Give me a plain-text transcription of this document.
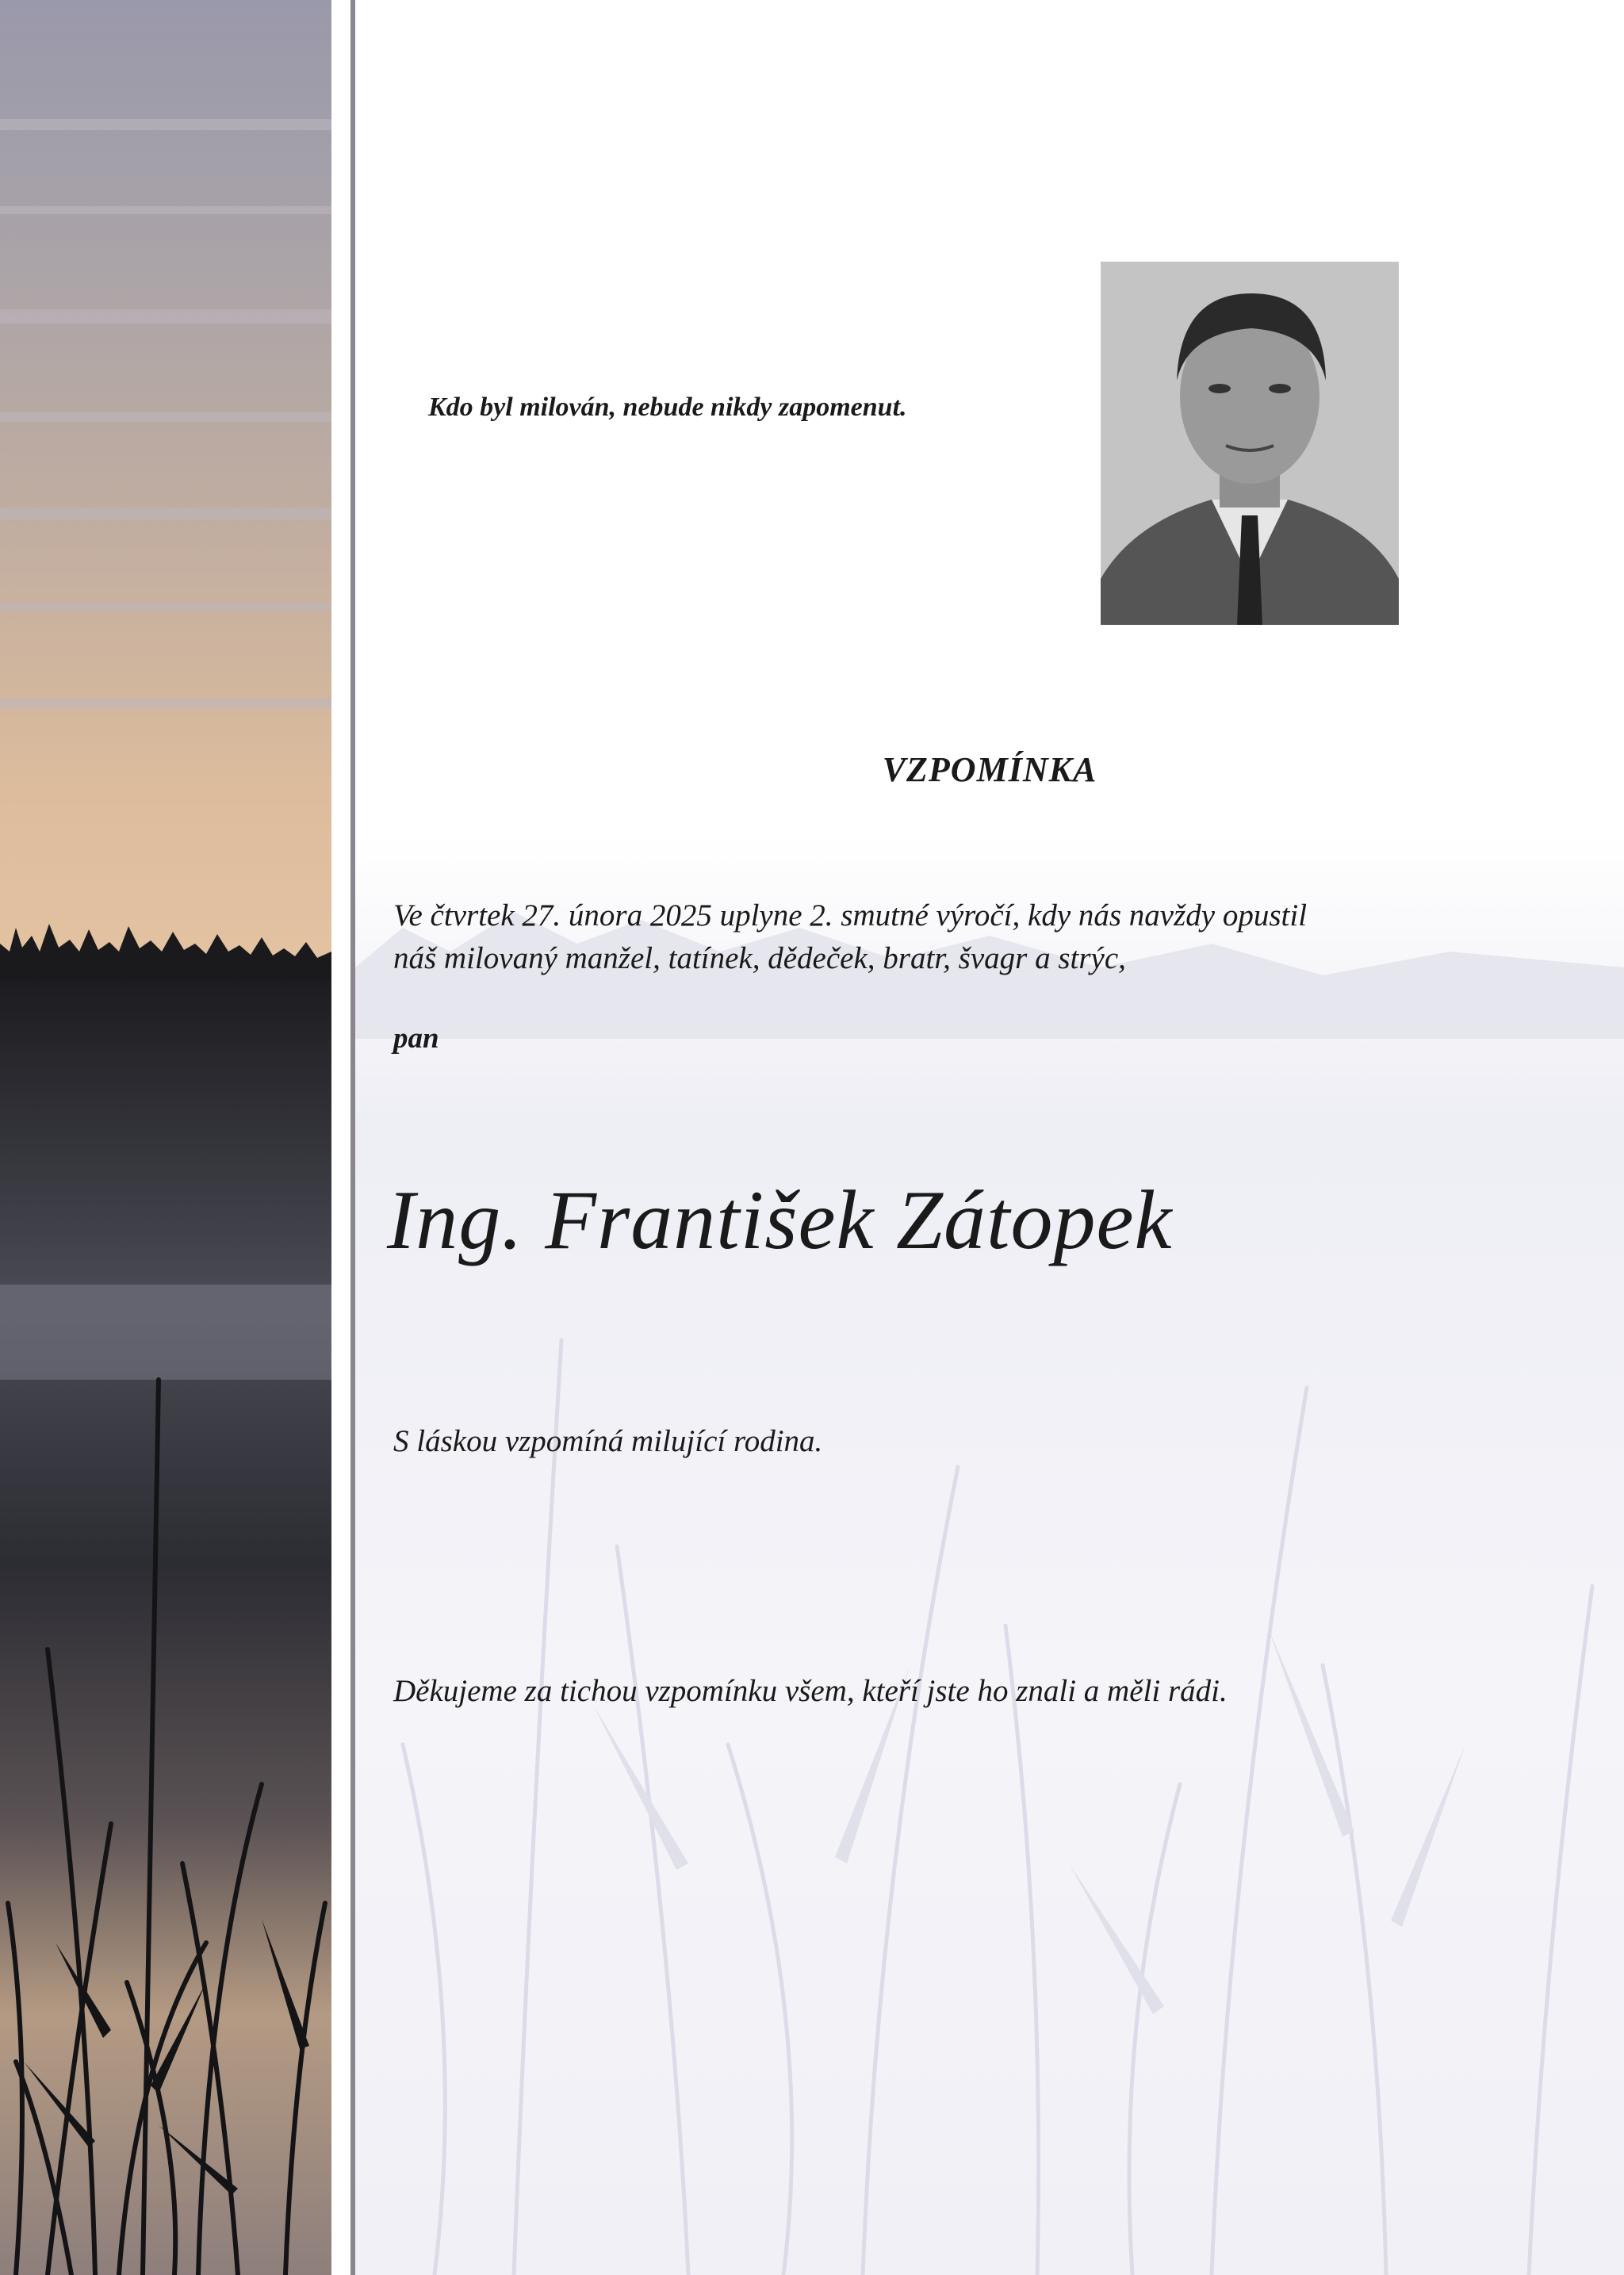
Kdo byl milován, nebude nikdy zapomenut.
VZPOMÍNKA
Ve čtvrtek 27. února 2025 uplyne 2. smutné výročí, kdy nás navždy opustil
náš milovaný manžel, tatínek, dědeček, bratr, švagr a strýc,
pan
Ing. František Zátopek
S láskou vzpomíná milující rodina.
Děkujeme za tichou vzpomínku všem, kteří jste ho znali a měli rádi.
